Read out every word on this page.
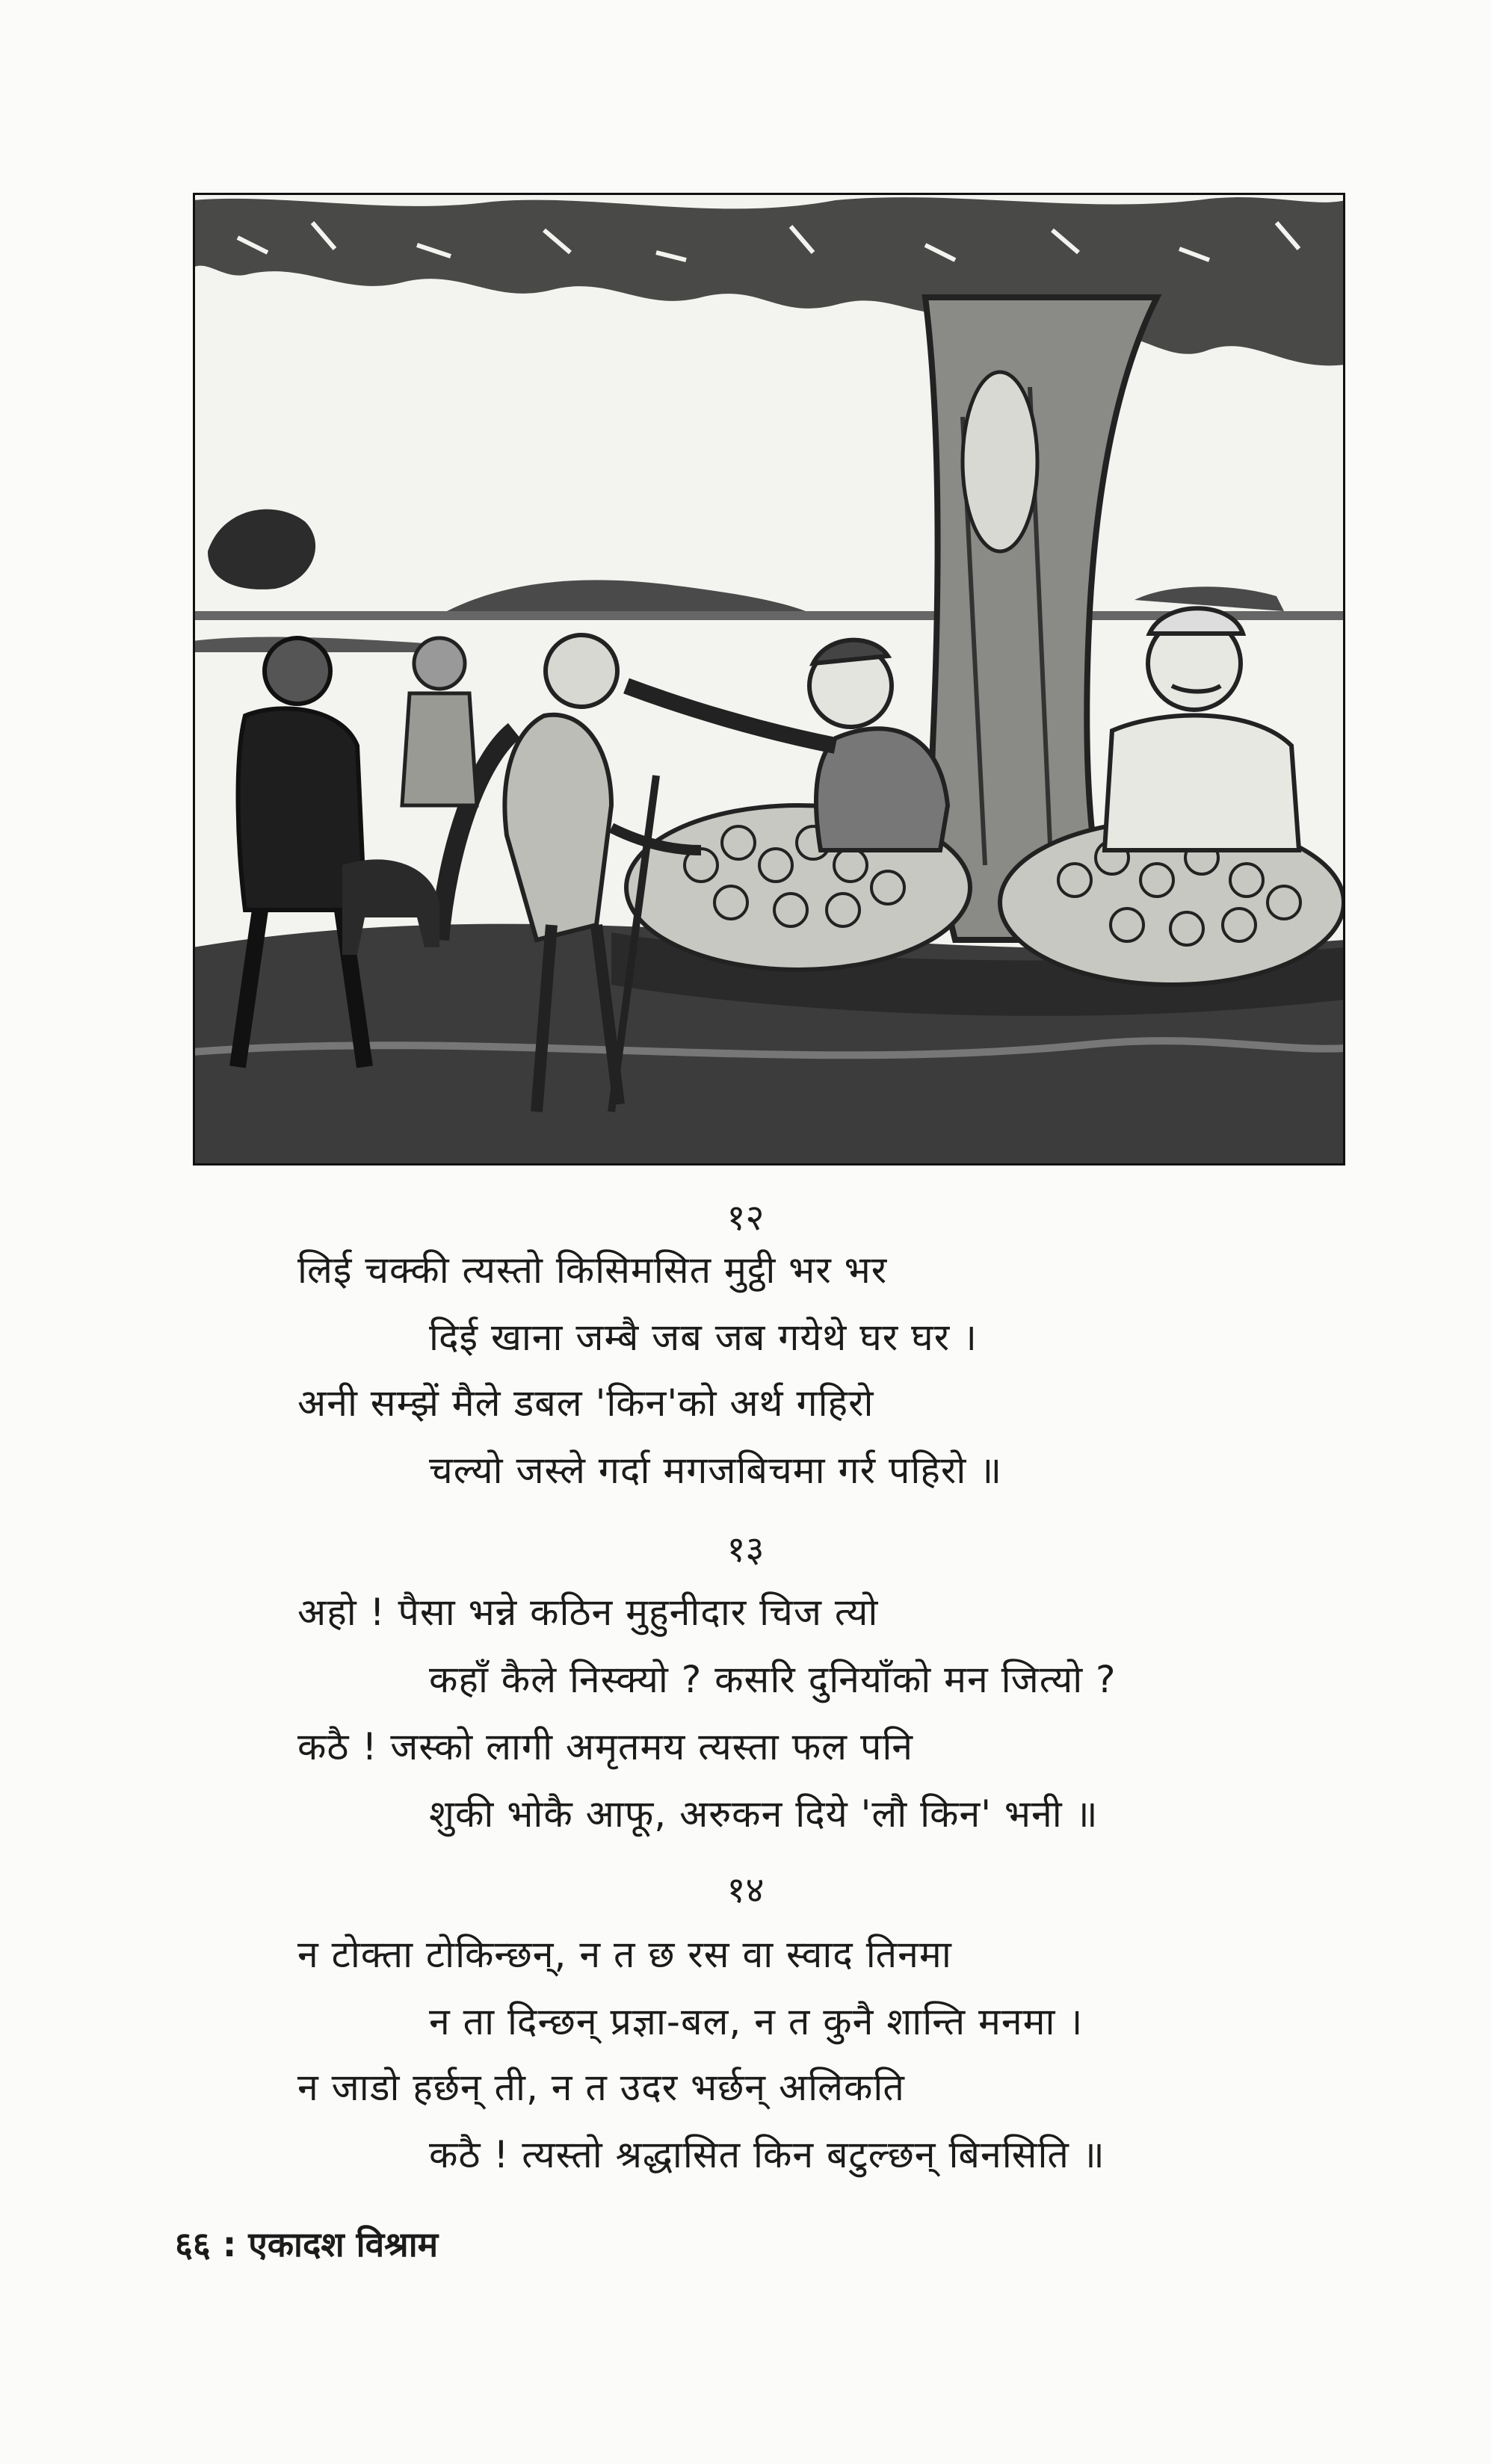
१२
लिई चक्की त्यस्तो किसिमसित मुट्ठी भर भर
दिई खाना जम्बै जब जब गयेथे घर घर ।
अनी सम्झें मैले डबल 'किन'को अर्थ गहिरो
चल्यो जस्ले गर्दा मगजबिचमा गर्र पहिरो ॥
१३
अहो ! पैसा भन्ने कठिन मुहुनीदार चिज त्यो
कहाँ कैले निस्क्यो ? कसरि दुनियाँको मन जित्यो ?
कठै ! जस्को लागी अमृतमय त्यस्ता फल पनि
शुकी भोकै आफू, अरुकन दिये 'लौ किन' भनी ॥
१४
न टोक्ता टोकिन्छन्, न त छ रस वा स्वाद तिनमा
न ता दिन्छन् प्रज्ञा-बल, न त कुनै शान्ति मनमा ।
न जाडो हर्छन् ती, न त उदर भर्छन् अलिकति
कठै ! त्यस्तो श्रद्धासित किन बटुल्छन् बिनसिति ॥
६६ : एकादश विश्राम
